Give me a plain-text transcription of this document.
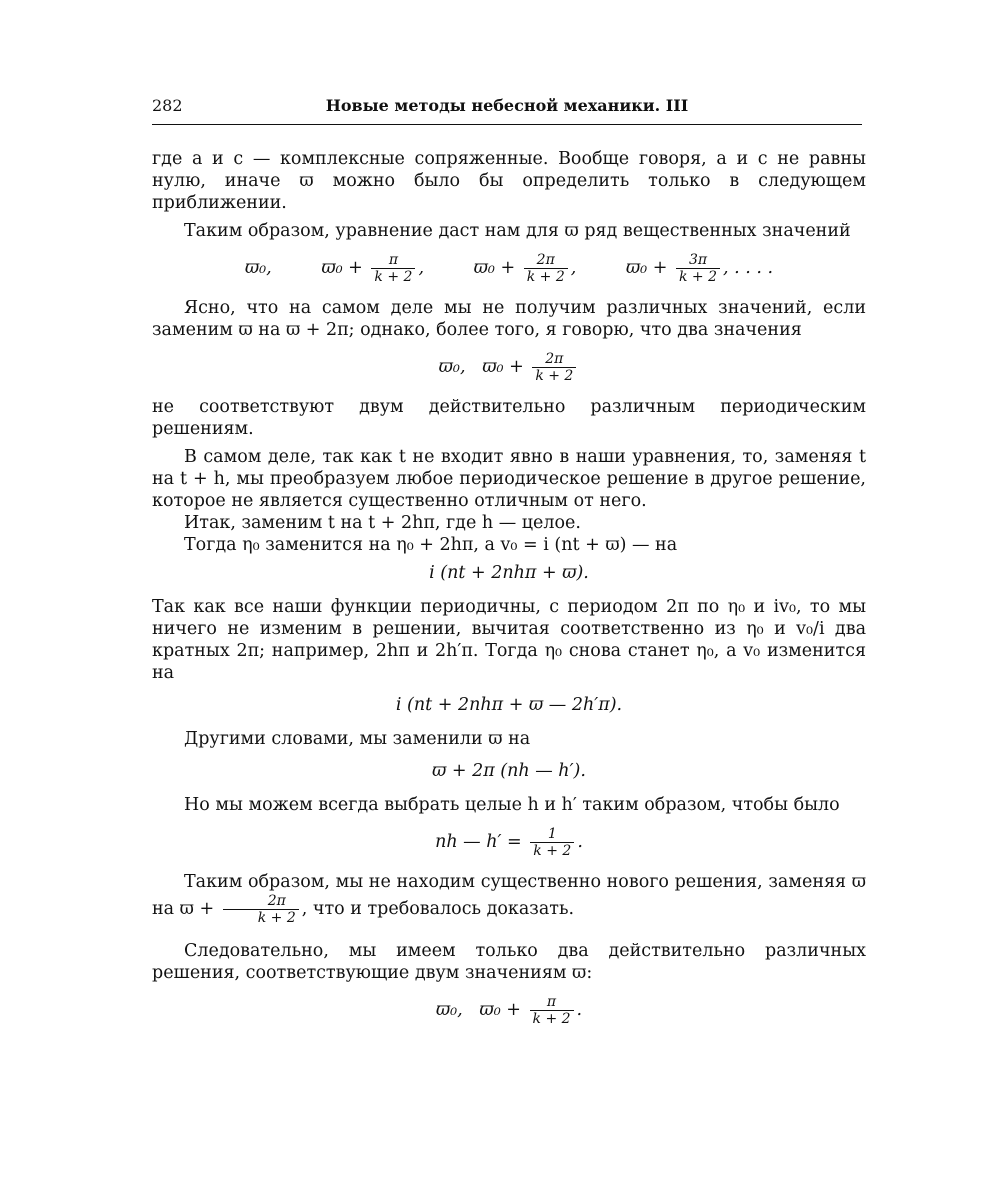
282	Новые методы небесной механики. III

где a и c — комплексные сопряженные. Вообще говоря, a и c не равны нулю, иначе ϖ можно было бы определить только в следующем приближении.

Таким образом, уравнение даст нам для ϖ ряд вещественных значений

ϖ₀,	$ϖ_0 + \frac{\pi}{k + 2}$ ,	$ϖ_0 + \frac{2\pi}{k + 2}$ ,	$ϖ_0 + \frac{3\pi}{k + 2}$ , . . . .

Ясно, что на самом деле мы не получим различных значений, если заменим ϖ на ϖ + 2π; однако, более того, я говорю, что два значения

ϖ₀, $ϖ_0 + \frac{2\pi}{k + 2}$

не соответствуют двум действительно различным периодическим решениям.

В самом деле, так как t не входит явно в наши уравнения, то, заменяя t на t + h, мы преобразуем любое периодическое решение в другое решение, которое не является существенно отличным от него.

Итак, заменим t на t + 2hπ, где h — целое.

Тогда η₀ заменится на η₀ + 2hπ, а v₀ = i (nt + ϖ) — на

i (nt + 2nhπ + ϖ).

Так как все наши функции периодичны, с периодом 2π по η₀ и iv₀, то мы ничего не изменим в решении, вычитая соответственно из η₀ и v₀/i два кратных 2π; например, 2hπ и 2h′π. Тогда η₀ снова станет η₀, а v₀ изменится на

i (nt + 2nhπ + ϖ — 2h′π).

Другими словами, мы заменили ϖ на

ϖ + 2π (nh — h′).

Но мы можем всегда выбрать целые h и h′ таким образом, чтобы было

nh — $h' = \frac{1}{k + 2}$ .

Таким образом, мы не находим существенно нового решения, заменяя ϖ на $ϖ + \frac{2\pi}{k + 2}$ , что и требовалось доказать.

Следовательно, мы имеем только два действительно различных решения, соответствующие двум значениям ϖ:

ϖ₀, $ϖ_0 + \frac{\pi}{k + 2}$ .
